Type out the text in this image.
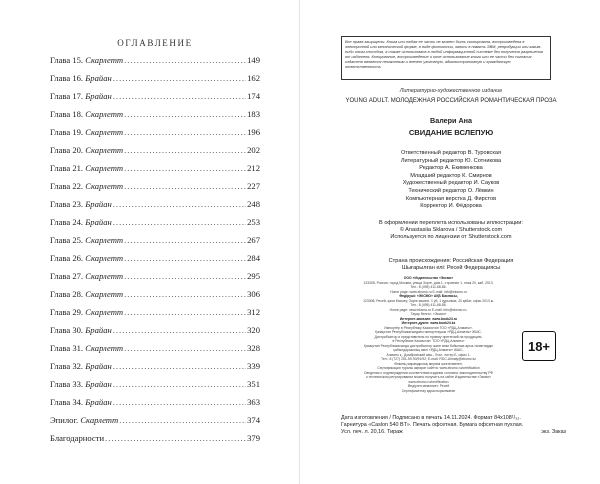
ОГЛАВЛЕНИЕ
Глава 15. Скарлетт .....	149
Глава 16. Брайан .....	162
Глава 17. Брайан .....	174
Глава 18. Скарлетт .....	183
Глава 19. Скарлетт .....	196
Глава 20. Скарлетт .....	202
Глава 21. Скарлетт .....	212
Глава 22. Скарлетт .....	227
Глава 23. Брайан .....	248
Глава 24. Брайан .....	253
Глава 25. Скарлетт .....	267
Глава 26. Скарлетт .....	284
Глава 27. Скарлетт .....	295
Глава 28. Скарлетт .....	306
Глава 29. Скарлетт .....	312
Глава 30. Брайан .....	320
Глава 31. Скарлетт .....	328
Глава 32. Брайан .....	339
Глава 33. Брайан .....	351
Глава 34. Брайан .....	363
Эпилог. Скарлетт .....	374
Благодарности .....	379
Все права защищены. Книга или любая ее часть не может быть скопирована, воспроизведена в электронной или механической форме, в виде фотокопии, записи в память ЭВМ, репродукции или каким-либо иным способом, а также использована в любой информационной системе без получения разрешения от издателя. Копирование, воспроизведение и иное использование книги или ее части без согласия издателя является незаконным и влечет уголовную, административную и гражданскую ответственность.
Литературно-художественное издание
YOUNG ADULT. МОЛОДЕЖНАЯ РОССИЙСКАЯ РОМАНТИЧЕСКАЯ ПРОЗА
Валери Ана
СВИДАНИЕ ВСЛЕПУЮ
Ответственный редактор В. Туровская
Литературный редактор Ю. Сотникова
Редактор А. Екименкова
Младший редактор К. Смирнов
Художественный редактор И. Сауков
Технический редактор О. Лёвкин
Компьютерная верстка Д. Фирстов
Корректор И. Фёдорова
В оформлении переплета использованы иллюстрации:
© Anastasiia Sklarova / Shutterstock.com
Используется по лицензии от Shutterstock.com
Страна происхождения: Российская Федерация
Шығарылған елі: Ресей Федерациясы
ООО «Издательство «Эксмо»
123308, Россия, город Москва, улица Зорге, дом 1, строение 1, этаж 20, каб. 2013.
Тел.: 8 (495) 411-68-86.
Home page: www.eksmo.ru E-mail: info@eksmo.ru
Өндіруші: «ЭКСМО» АҚБ Баспасы,
123308, Ресей, қала Мәскеу, Зорге көшесі, 1 үй, 1 құрылым, 20 қабат, офис 2013 ж.
Тел.: 8 (495) 411-68-86.
Home page: www.eksmo.ru E-mail: info@eksmo.ru.
Тауар белгісі: «Эксмо»
Интернет-магазин: www.book24.ru
Интернет-дүкен: www.book24.kz
Импортёр в Республику Казахстан ТОО «РДЦ-Алматы».
Қазақстан Республикасындағы импорттаушы «РДЦ-Алматы» ЖШС.
Дистрибьютор и представитель по приему претензий на продукцию,
в Республике Казахстан: ТОО «РДЦ-Алматы»
Қазақстан Республикасында дистрибьютор және өнім бойынша арыз-талаптарды
қабылдаушының өкілі «РДЦ-Алматы» ЖШС,
Алматы қ., Домбровский көш., 3«а», литер Б, офис 1.
Тел.: 8 (727) 251-59-90/91/92; E-mail: RDC-Almaty@eksmo.kz
Өнімнің жарамдылық мерзімі шектелмеген.
Сертификация туралы ақпарат сайтта: www.eksmo.ru/certification
Сведения о подтверждении соответствия издания согласно законодательству РФ
о техническом регулировании можно получить на сайте Издательства «Эксмо»
www.eksmo.ru/certification
Өндірген мемлекет: Ресей
Сертификаттау қарастырылмаған
18+
Дата изготовления / Подписано в печать 14.11.2024. Формат 84x108¹/₃₂.
Гарнитура «Caslon 540 BT». Печать офсетная. Бумага офсетная пухлая.
Усл. печ. л. 20,16. Тираж	экз. Заказ
